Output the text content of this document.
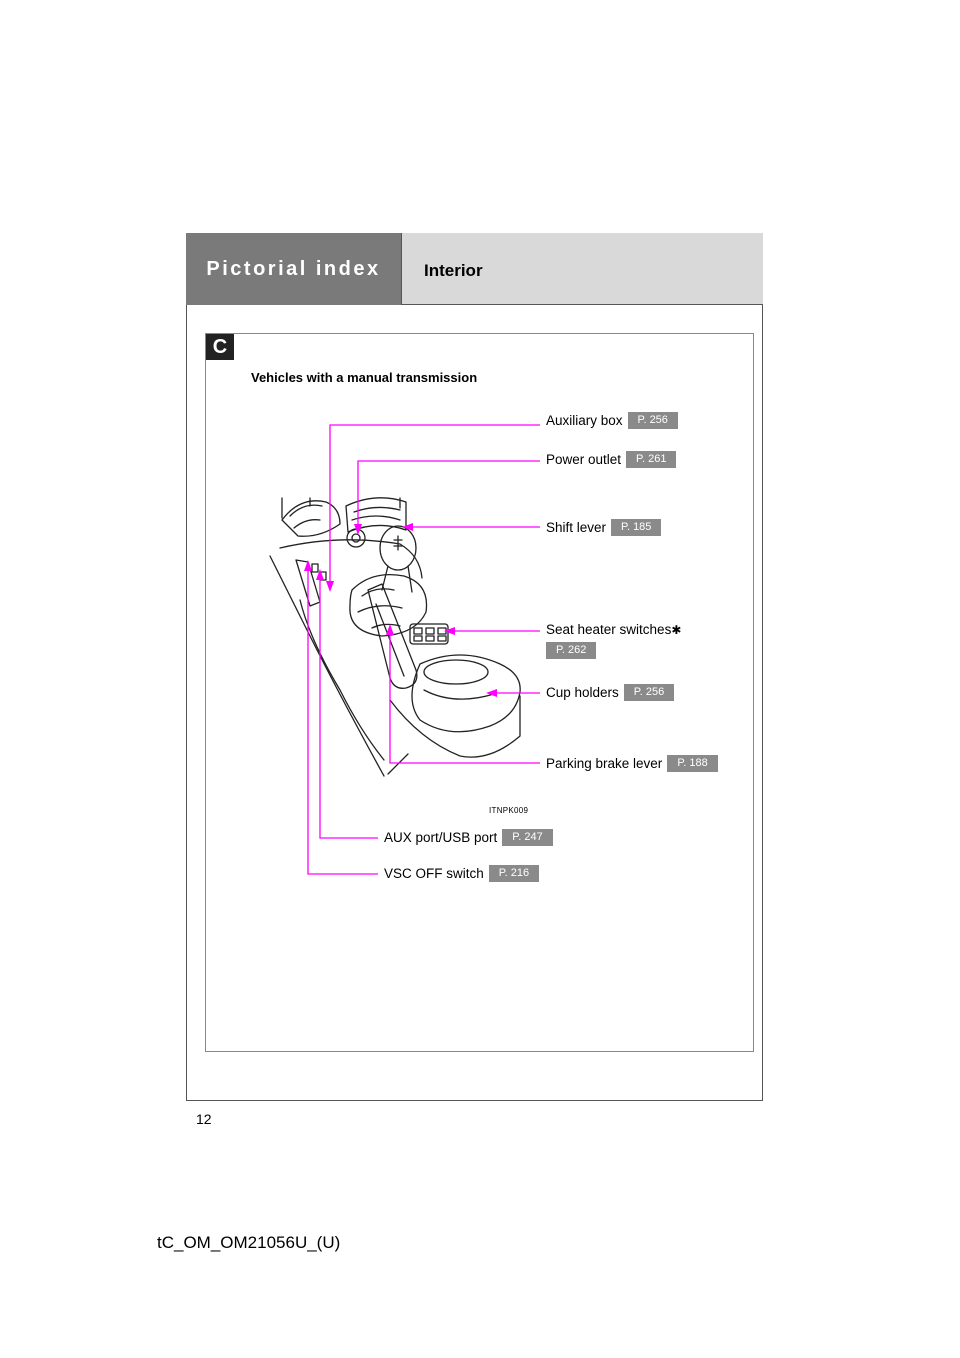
Pictorial index	Interior
C
Vehicles with a manual transmission
Auxiliary box	P. 256
Power outlet	P. 261
Shift lever	P. 185
Seat heater switches ✱
P. 262
Cup holders	P. 256
Parking brake lever	P. 188
AUX port/USB port	P. 247
VSC OFF switch	P. 216
ITNPK009
12
tC_OM_OM21056U_(U)
